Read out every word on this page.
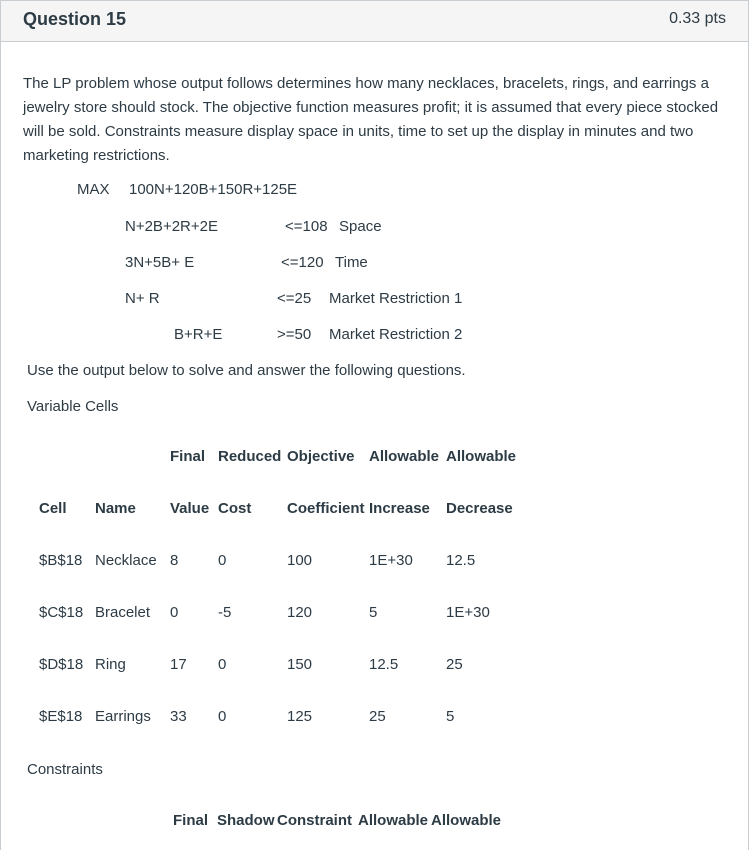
Question 15	0.33 pts
The LP problem whose output follows determines how many necklaces, bracelets, rings, and earrings a jewelry store should stock. The objective function measures profit; it is assumed that every piece stocked will be sold. Constraints measure display space in units, time to set up the display in minutes and two marketing restrictions.
MAX 100N+120B+150R+125E
N+2B+2R+2E	<=108 Space
3N+5B+ E	<=120 Time
N+ R	<=25 Market Restriction 1
B+R+E	>=50 Market Restriction 2
Use the output below to solve and answer the following questions.
Variable Cells
Final Reduced Objective Allowable Allowable
Cell Name Value Cost Coefficient Increase Decrease
$B$18 Necklace 8	0	100	1E+30 12.5
$C$18 Bracelet 0	-5	120	5	1E+30
$D$18 Ring	17 0	150	12.5	25
$E$18 Earrings 33 0	125	25	5
Constraints
Final Shadow Constraint Allowable Allowable
